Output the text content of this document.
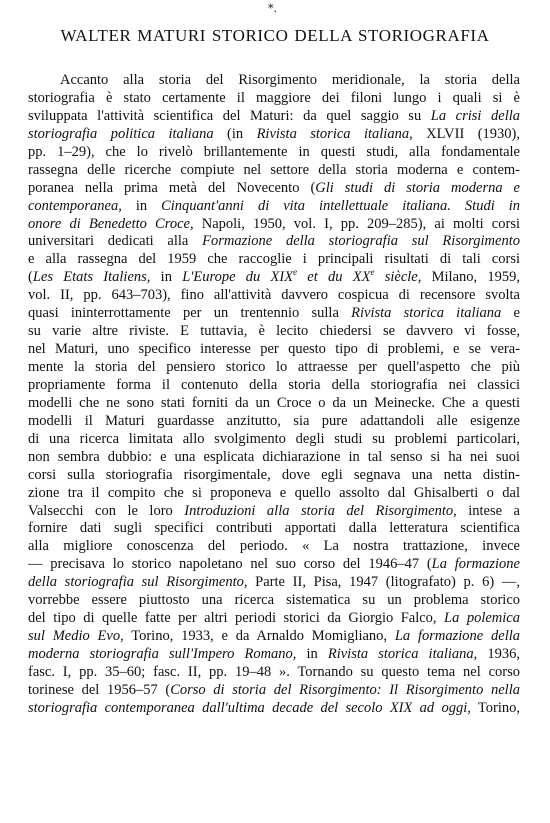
*.
WALTER MATURI STORICO DELLA STORIOGRAFIA
Accanto alla storia del Risorgimento meridionale, la storia della
storiografia è stato certamente il maggiore dei filoni lungo i quali si è
sviluppata l'attività scientifica del Maturi: da quel saggio su La crisi della
storiografia politica italiana (in Rivista storica italiana, XLVII (1930),
pp. 1–29), che lo rivelò brillantemente in questi studi, alla fondamentale
rassegna delle ricerche compiute nel settore della storia moderna e contem-
poranea nella prima metà del Novecento (Gli studi di storia moderna e
contemporanea, in Cinquant'anni di vita intellettuale italiana. Studi in
onore di Benedetto Croce, Napoli, 1950, vol. I, pp. 209–285), ai molti corsi
universitari dedicati alla Formazione della storiografia sul Risorgimento
e alla rassegna del 1959 che raccoglie i principali risultati di tali corsi
(Les Etats Italiens, in L'Europe du XIXe et du XXe siècle, Milano, 1959,
vol. II, pp. 643–703), fino all'attività davvero cospicua di recensore svolta
quasi ininterrottamente per un trentennio sulla Rivista storica italiana e
su varie altre riviste. E tuttavia, è lecito chiedersi se davvero vi fosse,
nel Maturi, uno specifico interesse per questo tipo di problemi, e se vera-
mente la storia del pensiero storico lo attraesse per quell'aspetto che più
propriamente forma il contenuto della storia della storiografia nei classici
modelli che ne sono stati forniti da un Croce o da un Meinecke. Che a questi
modelli il Maturi guardasse anzitutto, sia pure adattandoli alle esigenze
di una ricerca limitata allo svolgimento degli studi su problemi particolari,
non sembra dubbio: e una esplicata dichiarazione in tal senso si ha nei suoi
corsi sulla storiografia risorgimentale, dove egli segnava una netta distin-
zione tra il compito che si proponeva e quello assolto dal Ghisalberti o dal
Valsecchi con le loro Introduzioni alla storia del Risorgimento, intese a
fornire dati sugli specifici contributi apportati dalla letteratura scientifica
alla migliore conoscenza del periodo. « La nostra trattazione, invece
— precisava lo storico napoletano nel suo corso del 1946–47 (La formazione
della storiografia sul Risorgimento, Parte II, Pisa, 1947 (litografato) p. 6) —,
vorrebbe essere piuttosto una ricerca sistematica su un problema storico
del tipo di quelle fatte per altri periodi storici da Giorgio Falco, La polemica
sul Medio Evo, Torino, 1933, e da Arnaldo Momigliano, La formazione della
moderna storiografia sull'Impero Romano, in Rivista storica italiana, 1936,
fasc. I, pp. 35–60; fasc. II, pp. 19–48 ». Tornando su questo tema nel corso
torinese del 1956–57 (Corso di storia del Risorgimento: Il Risorgimento nella
storiografia contemporanea dall'ultima decade del secolo XIX ad oggi, Torino,
